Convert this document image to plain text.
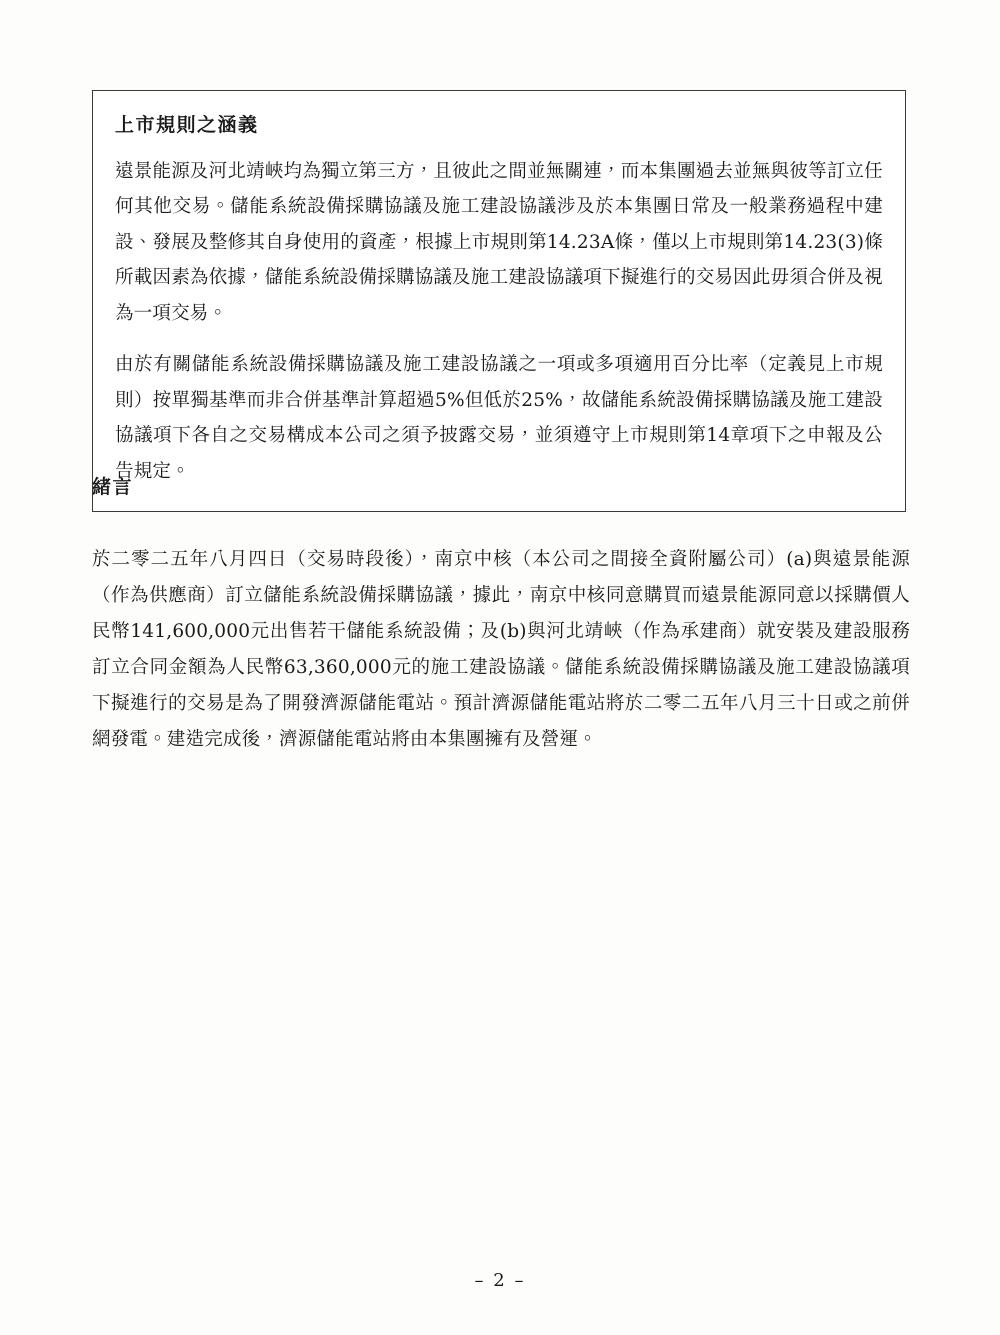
上市規則之涵義

遠景能源及河北靖峽均為獨立第三方，且彼此之間並無關連，而本集團過去並無與彼等訂立任何其他交易。儲能系統設備採購協議及施工建設協議涉及於本集團日常及一般業務過程中建設、發展及整修其自身使用的資產，根據上市規則第14.23A條，僅以上市規則第14.23(3)條所載因素為依據，儲能系統設備採購協議及施工建設協議項下擬進行的交易因此毋須合併及視為一項交易。

由於有關儲能系統設備採購協議及施工建設協議之一項或多項適用百分比率（定義見上市規則）按單獨基準而非合併基準計算超過5%但低於25%，故儲能系統設備採購協議及施工建設協議項下各自之交易構成本公司之須予披露交易，並須遵守上市規則第14章項下之申報及公告規定。

緒言

於二零二五年八月四日（交易時段後），南京中核（本公司之間接全資附屬公司）(a)與遠景能源（作為供應商）訂立儲能系統設備採購協議，據此，南京中核同意購買而遠景能源同意以採購價人民幣141,600,000元出售若干儲能系統設備；及(b)與河北靖峽（作為承建商）就安裝及建設服務訂立合同金額為人民幣63,360,000元的施工建設協議。儲能系統設備採購協議及施工建設協議項下擬進行的交易是為了開發濟源儲能電站。預計濟源儲能電站將於二零二五年八月三十日或之前併網發電。建造完成後，濟源儲能電站將由本集團擁有及營運。

– 2 –
